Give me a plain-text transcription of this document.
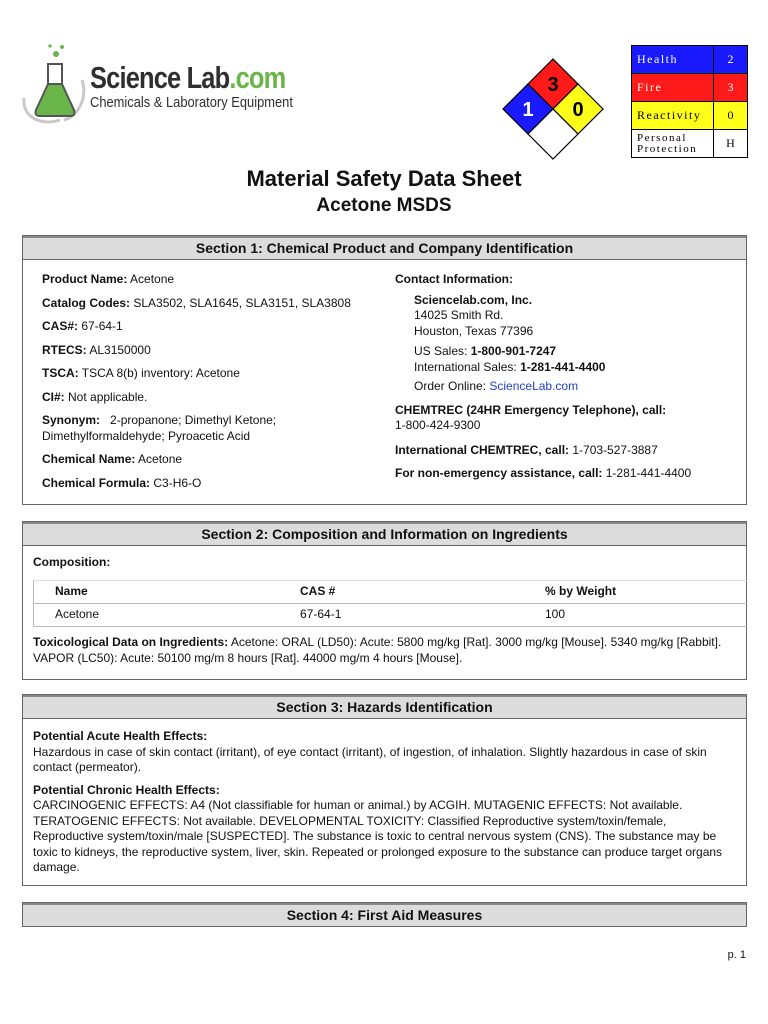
Science Lab.com
Chemicals & Laboratory Equipment
3
1 0
Health	2
Fire	3
Reactivity	0
Personal
Protection	H
Material Safety Data Sheet
Acetone MSDS
Section 1: Chemical Product and Company Identification
Product Name: Acetone
Catalog Codes: SLA3502, SLA1645, SLA3151, SLA3808
CAS#: 67-64-1
RTECS: AL3150000
TSCA: TSCA 8(b) inventory: Acetone
CI#: Not applicable.
Synonym:   2-propanone; Dimethyl Ketone; Dimethylformaldehyde; Pyroacetic Acid
Chemical Name: Acetone
Chemical Formula: C3-H6-O
Contact Information:
Sciencelab.com, Inc.
14025 Smith Rd.
Houston, Texas 77396
US Sales: 1-800-901-7247
International Sales: 1-281-441-4400
Order Online: ScienceLab.com
CHEMTREC (24HR Emergency Telephone), call:
1-800-424-9300
International CHEMTREC, call: 1-703-527-3887
For non-emergency assistance, call: 1-281-441-4400
Section 2: Composition and Information on Ingredients
Composition:
Name	CAS #	% by Weight
Acetone	67-64-1	100
Toxicological Data on Ingredients: Acetone: ORAL (LD50): Acute: 5800 mg/kg [Rat]. 3000 mg/kg [Mouse]. 5340 mg/kg [Rabbit]. VAPOR (LC50): Acute: 50100 mg/m 8 hours [Rat]. 44000 mg/m 4 hours [Mouse].
Section 3: Hazards Identification
Potential Acute Health Effects:
Hazardous in case of skin contact (irritant), of eye contact (irritant), of ingestion, of inhalation. Slightly hazardous in case of skin contact (permeator).
Potential Chronic Health Effects:
CARCINOGENIC EFFECTS: A4 (Not classifiable for human or animal.) by ACGIH. MUTAGENIC EFFECTS: Not available. TERATOGENIC EFFECTS: Not available. DEVELOPMENTAL TOXICITY: Classified Reproductive system/toxin/female, Reproductive system/toxin/male [SUSPECTED]. The substance is toxic to central nervous system (CNS). The substance may be toxic to kidneys, the reproductive system, liver, skin. Repeated or prolonged exposure to the substance can produce target organs damage.
Section 4: First Aid Measures
p. 1
